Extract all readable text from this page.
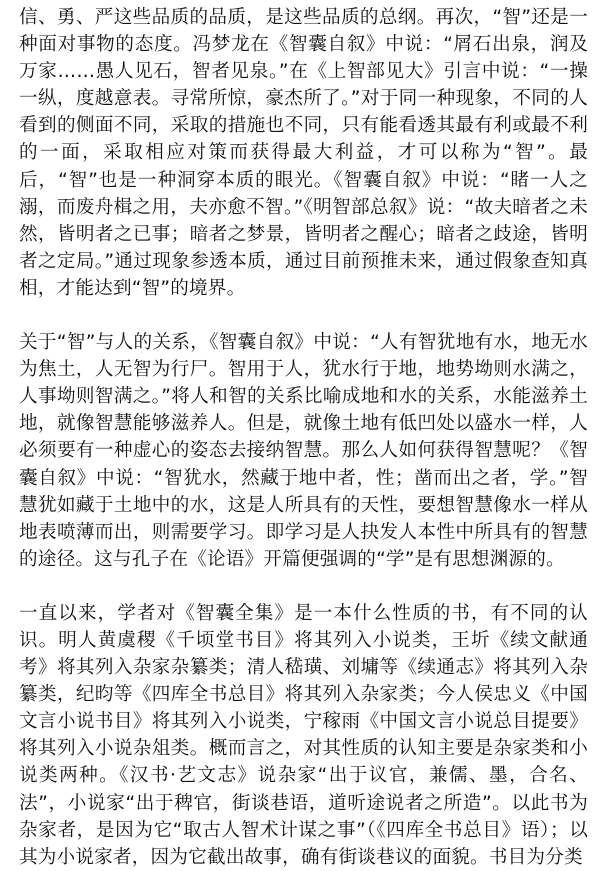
信、勇、严这些品质的品质，是这些品质的总纲。再次，“智”还是一种面对事物的态度。冯梦龙在《智囊自叙》中说：“屑石出泉，润及万家……愚人见石，智者见泉。”在《上智部见大》引言中说：“一操一纵，度越意表。寻常所惊，豪杰所了。”对于同一种现象，不同的人看到的侧面不同，采取的措施也不同，只有能看透其最有利或最不利的一面，采取相应对策而获得最大利益，才可以称为“智”。最后，“智”也是一种洞穿本质的眼光。《智囊自叙》中说：“睹一人之溺，而废舟楫之用，夫亦愈不智。”《明智部总叙》说：“故夫暗者之未然，皆明者之已事；暗者之梦景，皆明者之醒心；暗者之歧途，皆明者之定局。”通过现象参透本质，通过目前预推未来，通过假象查知真相，才能达到“智”的境界。

关于“智”与人的关系，《智囊自叙》中说：“人有智犹地有水，地无水为焦土，人无智为行尸。智用于人，犹水行于地，地势坳则水满之，人事坳则智满之。”将人和智的关系比喻成地和水的关系，水能滋养土地，就像智慧能够滋养人。但是，就像土地有低凹处以盛水一样，人必须要有一种虚心的姿态去接纳智慧。那么人如何获得智慧呢？《智囊自叙》中说：“智犹水，然藏于地中者，性；凿而出之者，学。”智慧犹如藏于土地中的水，这是人所具有的天性，要想智慧像水一样从地表喷薄而出，则需要学习。即学习是人抉发人本性中所具有的智慧的途径。这与孔子在《论语》开篇便强调的“学”是有思想渊源的。

一直以来，学者对《智囊全集》是一本什么性质的书，有不同的认识。明人黄虞稷《千顷堂书目》将其列入小说类，王圻《续文献通考》将其列入杂家杂纂类；清人嵇璜、刘墉等《续通志》将其列入杂纂类，纪昀等《四库全书总目》将其列入杂家类；今人侯忠义《中国文言小说书目》将其列入小说类，宁稼雨《中国文言小说总目提要》将其列入小说杂俎类。概而言之，对其性质的认知主要是杂家类和小说类两种。《汉书·艺文志》说杂家“出于议官，兼儒、墨，合名、法”，小说家“出于稗官，街谈巷语，道听途说者之所造”。以此书为杂家者，是因为它“取古人智术计谋之事”（《四库全书总目》语）；以其为小说家者，因为它截出故事，确有街谈巷议的面貌。书目为分类
